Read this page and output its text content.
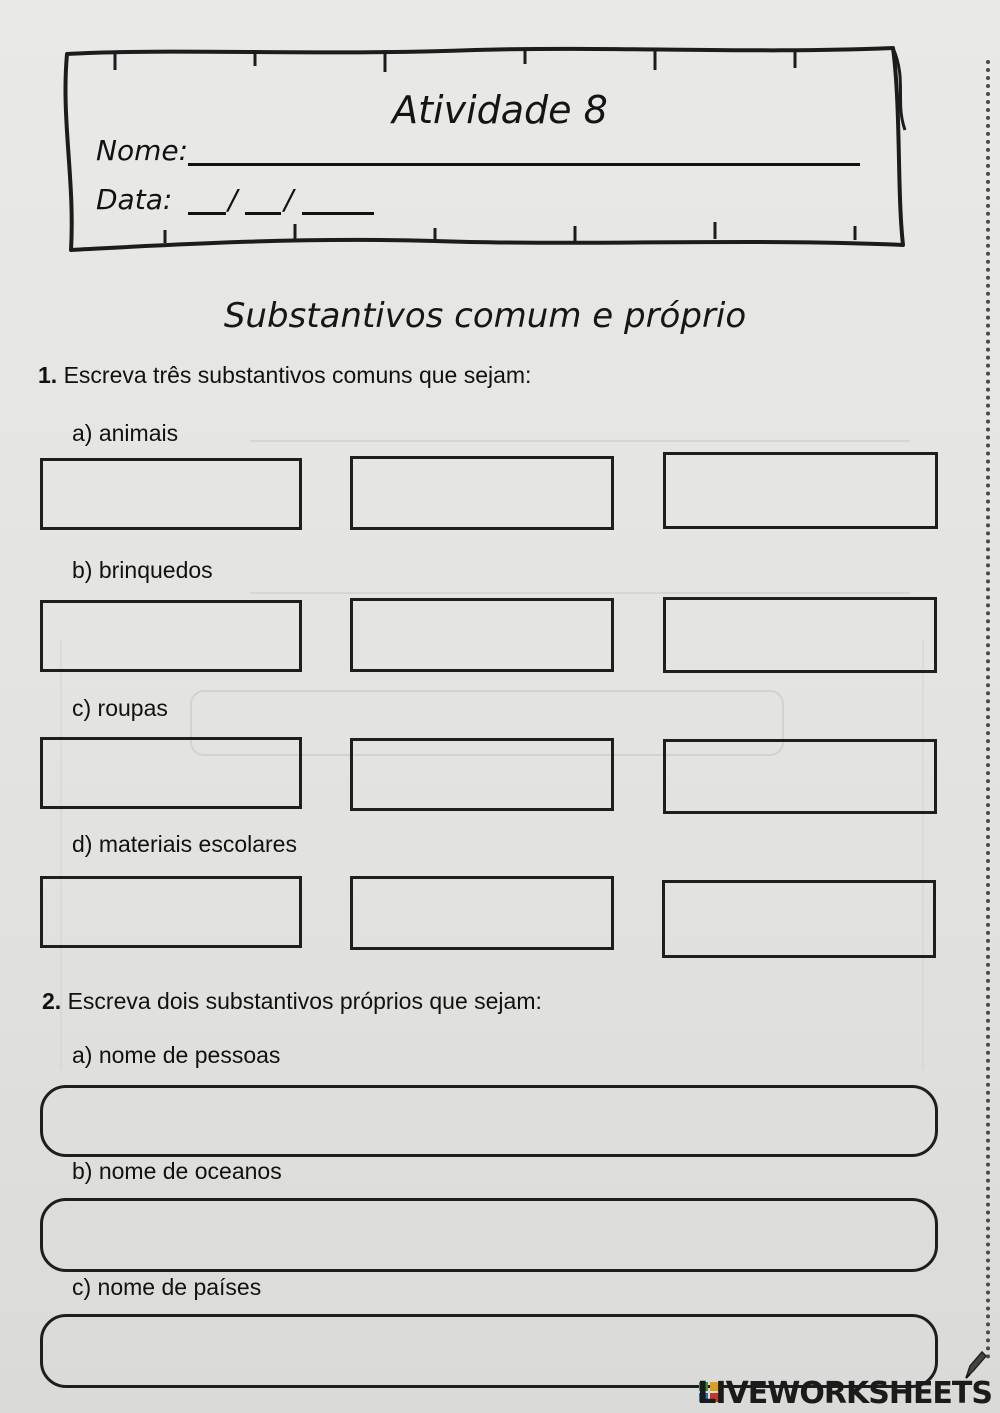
Atividade 8
Nome:
Data: / /
Substantivos comum e próprio
1. Escreva três substantivos comuns que sejam:
a) animais
b) brinquedos
c) roupas
d) materiais escolares
2. Escreva dois substantivos próprios que sejam:
a) nome de pessoas
b) nome de oceanos
c) nome de países
LIVEWORKSHEETS
